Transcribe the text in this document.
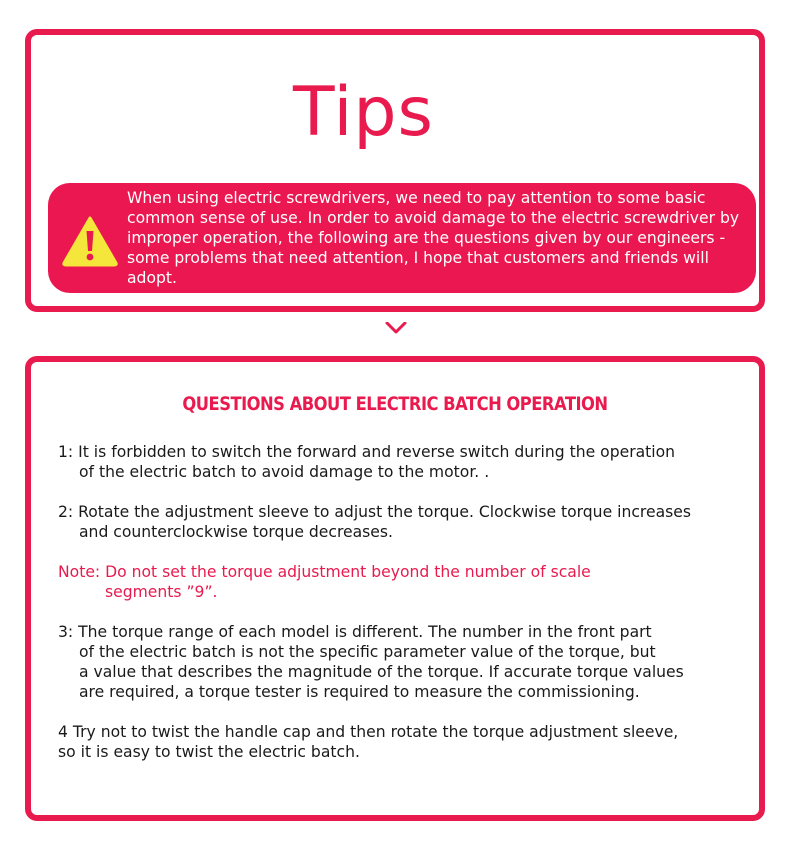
Tips
When using electric screwdrivers, we need to pay attention to some basic common sense of use. In order to avoid damage to the electric screwdriver by improper operation, the following are the questions given by our engineers - some problems that need attention, I hope that customers and friends will adopt.
QUESTIONS ABOUT ELECTRIC BATCH OPERATION
1: It is forbidden to switch the forward and reverse switch during the operation
of the electric batch to avoid damage to the motor. .
2: Rotate the adjustment sleeve to adjust the torque. Clockwise torque increases
and counterclockwise torque decreases.
Note: Do not set the torque adjustment beyond the number of scale
segments ”9”.
3: The torque range of each model is different. The number in the front part
of the electric batch is not the specific parameter value of the torque, but
a value that describes the magnitude of the torque. If accurate torque values
are required, a torque tester is required to measure the commissioning.
4 Try not to twist the handle cap and then rotate the torque adjustment sleeve,
so it is easy to twist the electric batch.
